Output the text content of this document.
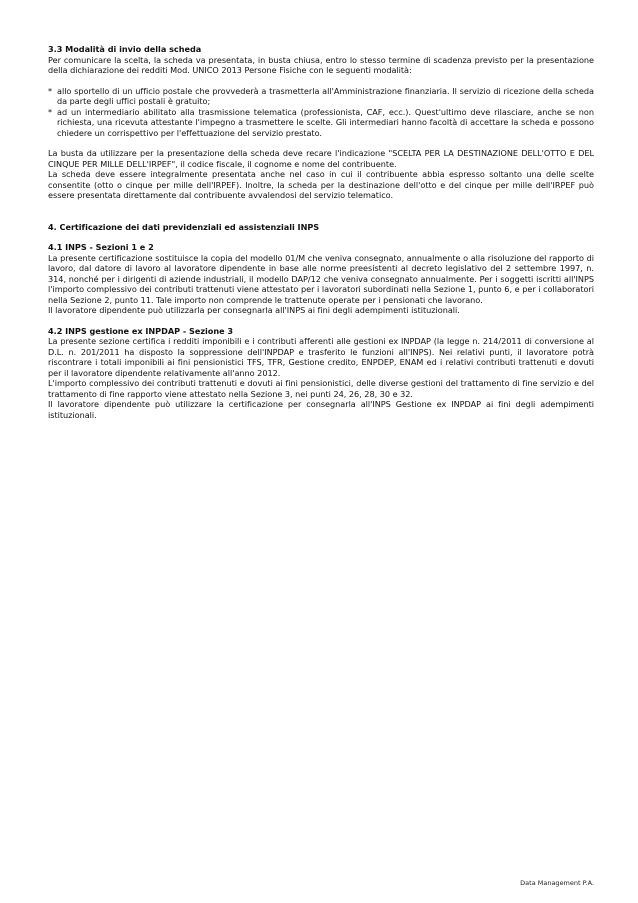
3.3 Modalità di invio della scheda

Per comunicare la scelta, la scheda va presentata, in busta chiusa, entro lo stesso termine di scadenza previsto per la presentazione della dichiarazione dei redditi Mod. UNICO 2013 Persone Fisiche con le seguenti modalità:

* allo sportello di un ufficio postale che provvederà a trasmetterla all'Amministrazione finanziaria. Il servizio di ricezione della scheda da parte degli uffici postali è gratuito;
* ad un intermediario abilitato alla trasmissione telematica (professionista, CAF, ecc.). Quest'ultimo deve rilasciare, anche se non richiesta, una ricevuta attestante l'impegno a trasmettere le scelte. Gli intermediari hanno facoltà di accettare la scheda e possono chiedere un corrispettivo per l'effettuazione del servizio prestato.

La busta da utilizzare per la presentazione della scheda deve recare l'indicazione "SCELTA PER LA DESTINAZIONE DELL'OTTO E DEL CINQUE PER MILLE DELL'IRPEF", il codice fiscale, il cognome e nome del contribuente.

La scheda deve essere integralmente presentata anche nel caso in cui il contribuente abbia espresso soltanto una delle scelte consentite (otto o cinque per mille dell'IRPEF). Inoltre, la scheda per la destinazione dell'otto e del cinque per mille dell'IRPEF può essere presentata direttamente dal contribuente avvalendosi del servizio telematico.

4. Certificazione dei dati previdenziali ed assistenziali INPS
4.1 INPS - Sezioni 1 e 2

La presente certificazione sostituisce la copia del modello 01/M che veniva consegnato, annualmente o alla risoluzione del rapporto di lavoro, dal datore di lavoro al lavoratore dipendente in base alle norme preesistenti al decreto legislativo del 2 settembre 1997, n. 314, nonché per i dirigenti di aziende industriali, il modello DAP/12 che veniva consegnato annualmente. Per i soggetti iscritti all'INPS l'importo complessivo dei contributi trattenuti viene attestato per i lavoratori subordinati nella Sezione 1, punto 6, e per i collaboratori nella Sezione 2, punto 11. Tale importo non comprende le trattenute operate per i pensionati che lavorano.

Il lavoratore dipendente può utilizzarla per consegnarla all'INPS ai fini degli adempimenti istituzionali.

4.2 INPS gestione ex INPDAP - Sezione 3

La presente sezione certifica i redditi imponibili e i contributi afferenti alle gestioni ex INPDAP (la legge n. 214/2011 di conversione al D.L. n. 201/2011 ha disposto la soppressione dell'INPDAP e trasferito le funzioni all'INPS). Nei relativi punti, il lavoratore potrà riscontrare i totali imponibili ai fini pensionistici TFS, TFR, Gestione credito, ENPDEP, ENAM ed i relativi contributi trattenuti e dovuti per il lavoratore dipendente relativamente all'anno 2012.

L'importo complessivo dei contributi trattenuti e dovuti ai fini pensionistici, delle diverse gestioni del trattamento di fine servizio e del trattamento di fine rapporto viene attestato nella Sezione 3, nei punti 24, 26, 28, 30 e 32.

Il lavoratore dipendente può utilizzare la certificazione per consegnarla all'INPS Gestione ex INPDAP ai fini degli adempimenti istituzionali.

Data Management P.A.
